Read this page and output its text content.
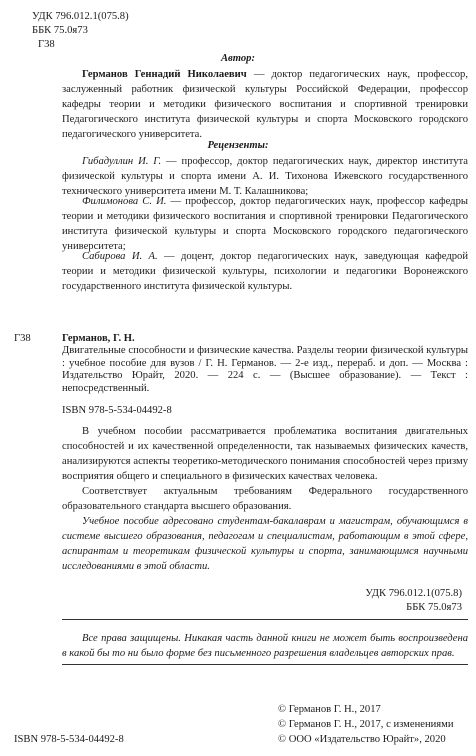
УДК 796.012.1(075.8)
ББК 75.0я73
Г38
Автор:
Германов Геннадий Николаевич — доктор педагогических наук, профессор, заслуженный работник физической культуры Российской Федерации, профессор кафедры теории и методики физического воспитания и спортивной тренировки Педагогического института физической культуры и спорта Московского городского педагогического университета.
Рецензенты:
Гибадуллин И. Г. — профессор, доктор педагогических наук, директор института физической культуры и спорта имени А. И. Тихонова Ижевского государственного технического университета имени М. Т. Калашникова;
Филимонова С. И. — профессор, доктор педагогических наук, профессор кафедры теории и методики физического воспитания и спортивной тренировки Педагогического института физической культуры и спорта Московского городского педагогического университета;
Сабирова И. А. — доцент, доктор педагогических наук, заведующая кафедрой теории и методики физической культуры, психологии и педагогики Воронежского государственного института физической культуры.
Г38	Германов, Г. Н.
Двигательные способности и физические качества. Разделы теории физической культуры : учебное пособие для вузов / Г. Н. Германов. — 2-е изд., перераб. и доп. — Москва : Издательство Юрайт, 2020. — 224 с. — (Высшее образование). — Текст : непосредственный.
ISBN 978-5-534-04492-8
В учебном пособии рассматривается проблематика воспитания двигательных способностей и их качественной определенности, так называемых физических качеств, анализируются аспекты теоретико-методического понимания способностей через призму восприятия общего и специального в физических качествах человека.
Соответствует актуальным требованиям Федерального государственного образовательного стандарта высшего образования.
Учебное пособие адресовано студентам-бакалаврам и магистрам, обучающимся в системе высшего образования, педагогам и специалистам, работающим в этой сфере, аспирантам и теоретикам физической культуры и спорта, занимающимся научными исследованиями в этой области.
УДК 796.012.1(075.8)
ББК 75.0я73
Все права защищены. Никакая часть данной книги не может быть воспроизведена в какой бы то ни было форме без письменного разрешения владельцев авторских прав.
ISBN 978-5-534-04492-8
© Германов Г. Н., 2017
© Германов Г. Н., 2017, с изменениями
© ООО «Издательство Юрайт», 2020
